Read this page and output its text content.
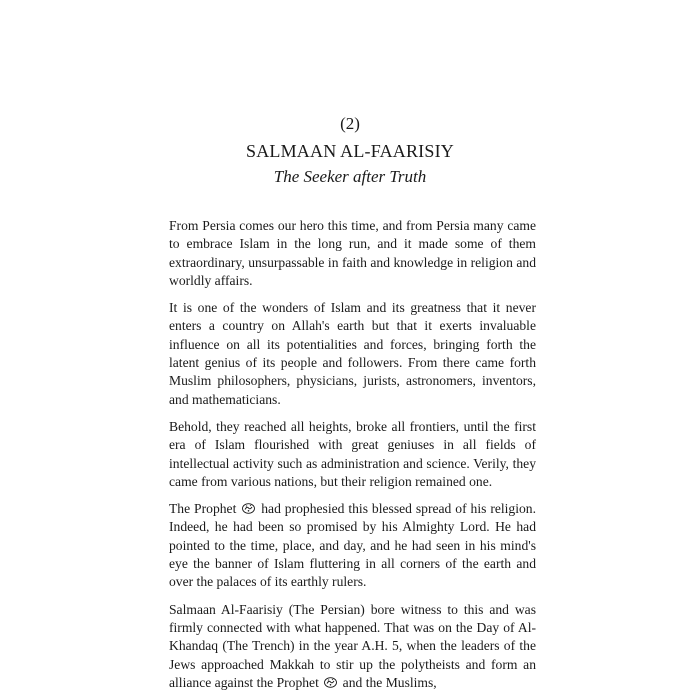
(2)
SALMAAN AL-FAARISIY
The Seeker after Truth

From Persia comes our hero this time, and from Persia many came to embrace Islam in the long run, and it made some of them extraordinary, unsurpassable in faith and knowledge in religion and worldly affairs.

It is one of the wonders of Islam and its greatness that it never enters a country on Allah's earth but that it exerts invaluable influence on all its potentialities and forces, bringing forth the latent genius of its people and followers. From there came forth Muslim philosophers, physicians, jurists, astronomers, inventors, and mathematicians.

Behold, they reached all heights, broke all frontiers, until the first era of Islam flourished with great geniuses in all fields of intellectual activity such as administration and science. Verily, they came from various nations, but their religion remained one.

The Prophet had prophesied this blessed spread of his religion. Indeed, he had been so promised by his Almighty Lord. He had pointed to the time, place, and day, and he had seen in his mind's eye the banner of Islam fluttering in all corners of the earth and over the palaces of its earthly rulers.

Salmaan Al-Faarisiy (The Persian) bore witness to this and was firmly connected with what happened. That was on the Day of Al-Khandaq (The Trench) in the year A.H. 5, when the leaders of the Jews approached Makkah to stir up the polytheists and form an alliance against the Prophet and the Muslims,
